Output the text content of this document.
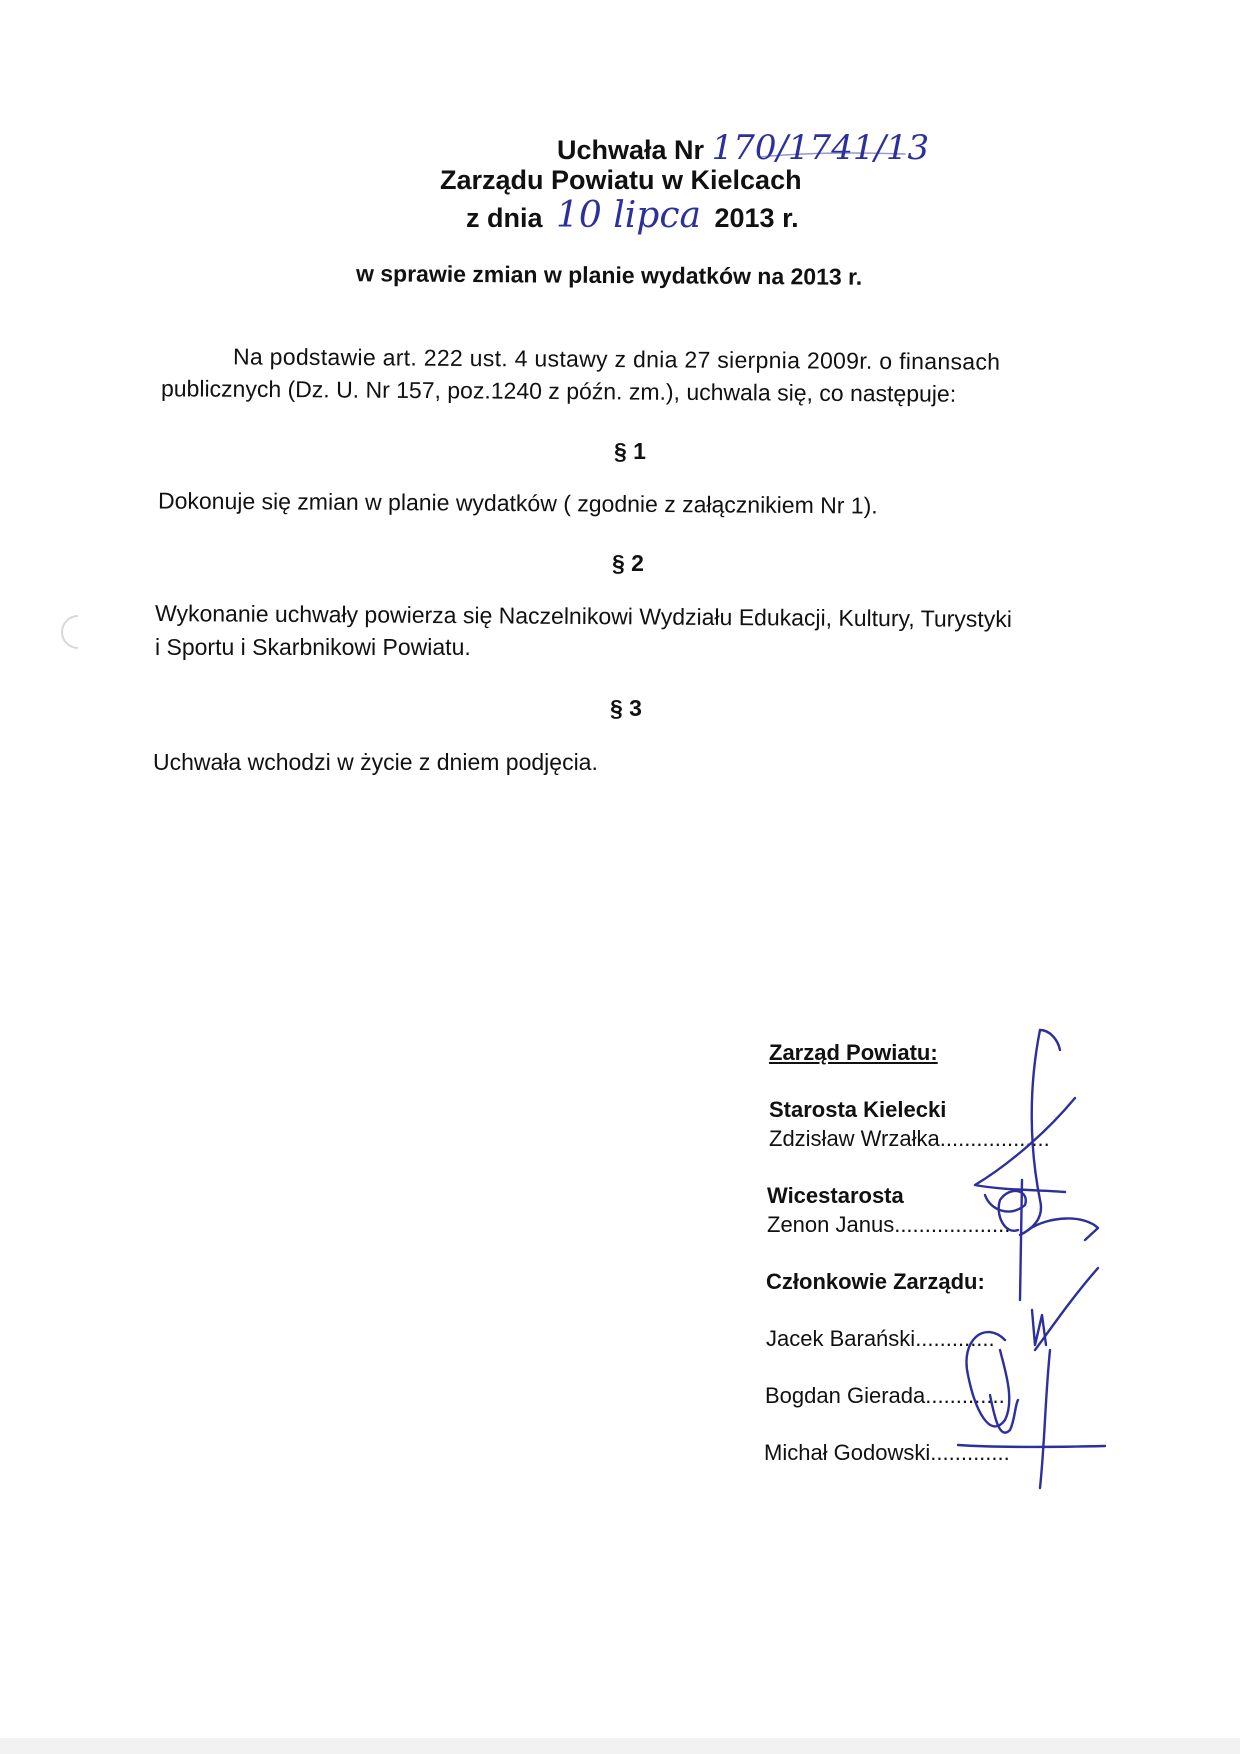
Uchwała Nr 170/1741/13
Zarządu Powiatu w Kielcach
z dnia 10 lipca 2013 r.
w sprawie zmian w planie wydatków na 2013 r.
Na podstawie art. 222 ust. 4 ustawy z dnia 27 sierpnia 2009r. o finansach
publicznych (Dz. U. Nr 157, poz.1240 z późn. zm.), uchwala się, co następuje:
§ 1
Dokonuje się zmian w planie wydatków ( zgodnie z załącznikiem Nr 1).
§ 2
Wykonanie uchwały powierza się Naczelnikowi Wydziału Edukacji, Kultury, Turystyki
i Sportu i Skarbnikowi Powiatu.
§ 3
Uchwała wchodzi w życie z dniem podjęcia.
Zarząd Powiatu:
Starosta Kielecki
Zdzisław Wrzałka..................
Wicestarosta
Zenon Janus...................
Członkowie Zarządu:
Jacek Barański.............
Bogdan Gierada.............
Michał Godowski.............
